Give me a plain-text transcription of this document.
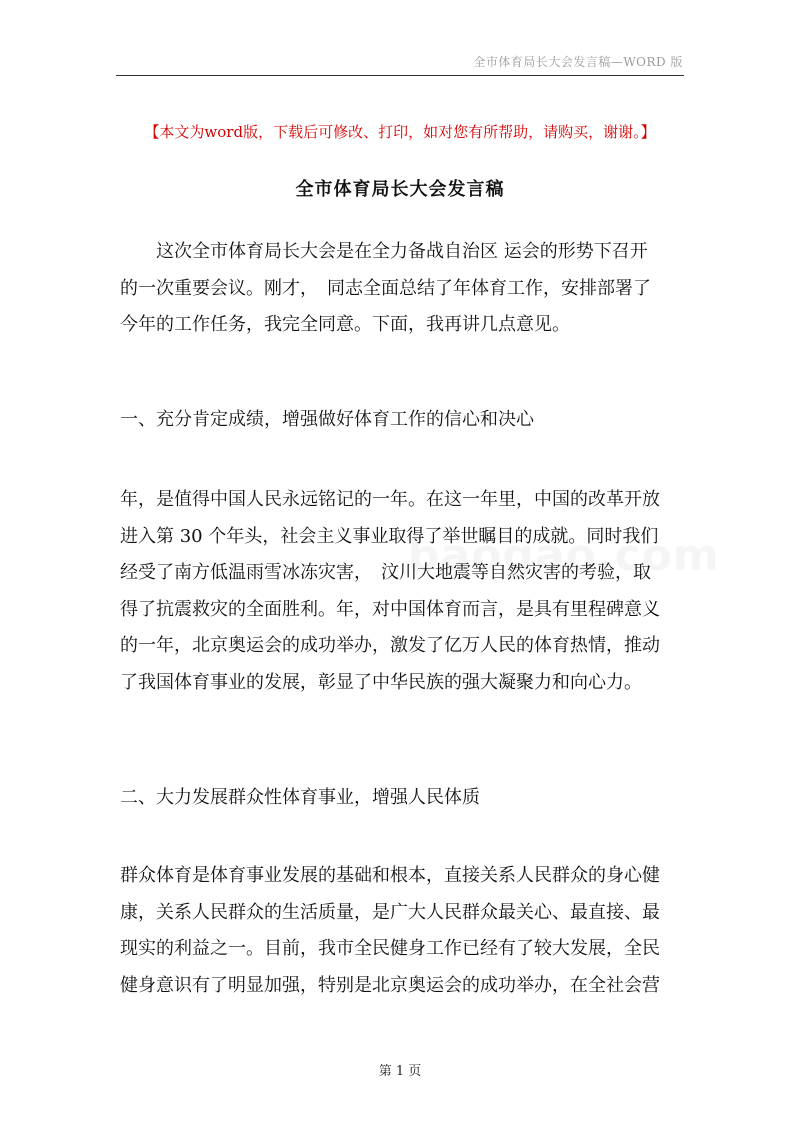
全市体育局长大会发言稿—WORD 版
【本文为word版，下载后可修改、打印，如对您有所帮助，请购买，谢谢。】
全市体育局长大会发言稿
　　这次全市体育局长大会是在全力备战自治区 运会的形势下召开
的一次重要会议。刚才，　同志全面总结了年体育工作，安排部署了
今年的工作任务，我完全同意。下面，我再讲几点意见。
一、充分肯定成绩，增强做好体育工作的信心和决心
年，是值得中国人民永远铭记的一年。在这一年里，中国的改革开放
进入第 30 个年头，社会主义事业取得了举世瞩目的成就。同时我们
经受了南方低温雨雪冰冻灾害，　汶川大地震等自然灾害的考验，取
得了抗震救灾的全面胜利。年，对中国体育而言，是具有里程碑意义
的一年，北京奥运会的成功举办，激发了亿万人民的体育热情，推动
了我国体育事业的发展，彰显了中华民族的强大凝聚力和向心力。
二、大力发展群众性体育事业，增强人民体质
群众体育是体育事业发展的基础和根本，直接关系人民群众的身心健
康，关系人民群众的生活质量，是广大人民群众最关心、最直接、最
现实的利益之一。目前，我市全民健身工作已经有了较大发展，全民
健身意识有了明显加强，特别是北京奥运会的成功举办，在全社会营
第 1 页
